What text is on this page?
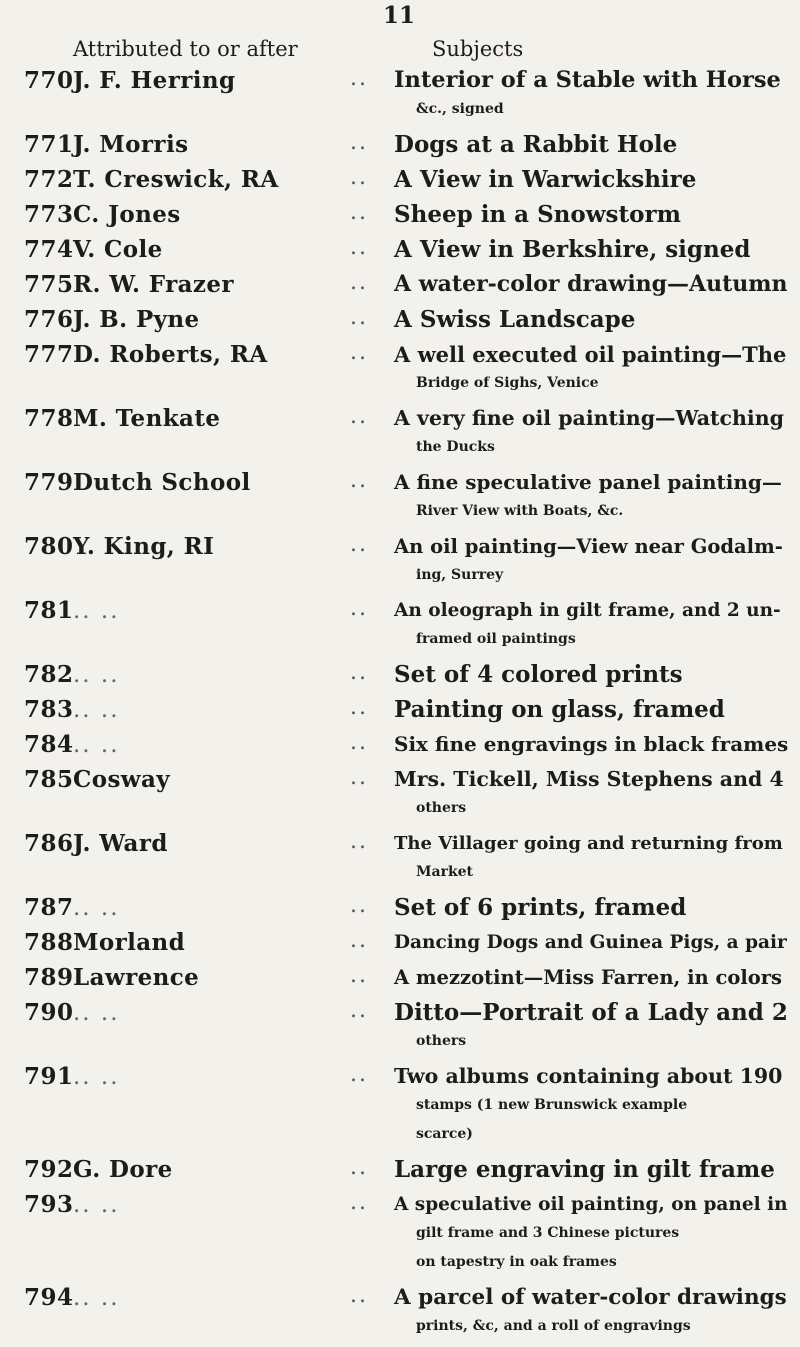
11
Attributed to or after	Subjects
770 J. F. Herring	.. Interior of a Stable with Horse
&c., signed
771 J. Morris	.. Dogs at a Rabbit Hole
772 T. Creswick, RA	.. A View in Warwickshire
773 C. Jones	.. Sheep in a Snowstorm
774 V. Cole	.. A View in Berkshire, signed
775 R. W. Frazer	.. A water-color drawing—Autumn
776 J. B. Pyne	.. A Swiss Landscape
777 D. Roberts, RA	.. A well executed oil painting—The
Bridge of Sighs, Venice
778 M. Tenkate	.. A very fine oil painting—Watching
the Ducks
779 Dutch School	.. A fine speculative panel painting—
River View with Boats, &c.
780 Y. King, RI	.. An oil painting—View near Godalm-
ing, Surrey
781 .. ..	.. An oleograph in gilt frame, and 2 un-
framed oil paintings
782 .. ..	.. Set of 4 colored prints
783 .. ..	.. Painting on glass, framed
784 .. ..	.. Six fine engravings in black frames
785 Cosway	.. Mrs. Tickell, Miss Stephens and 4
others
786 J. Ward	.. The Villager going and returning from
Market
787 .. ..	.. Set of 6 prints, framed
788 Morland	.. Dancing Dogs and Guinea Pigs, a pair
789 Lawrence	.. A mezzotint—Miss Farren, in colors
790 .. ..	.. Ditto—Portrait of a Lady and 2
others
791 .. ..	.. Two albums containing about 190
stamps (1 new Brunswick example
scarce)
792 G. Dore	.. Large engraving in gilt frame
793 .. ..	.. A speculative oil painting, on panel in
gilt frame and 3 Chinese pictures
on tapestry in oak frames
794 .. ..	.. A parcel of water-color drawings
prints, &c, and a roll of engravings
